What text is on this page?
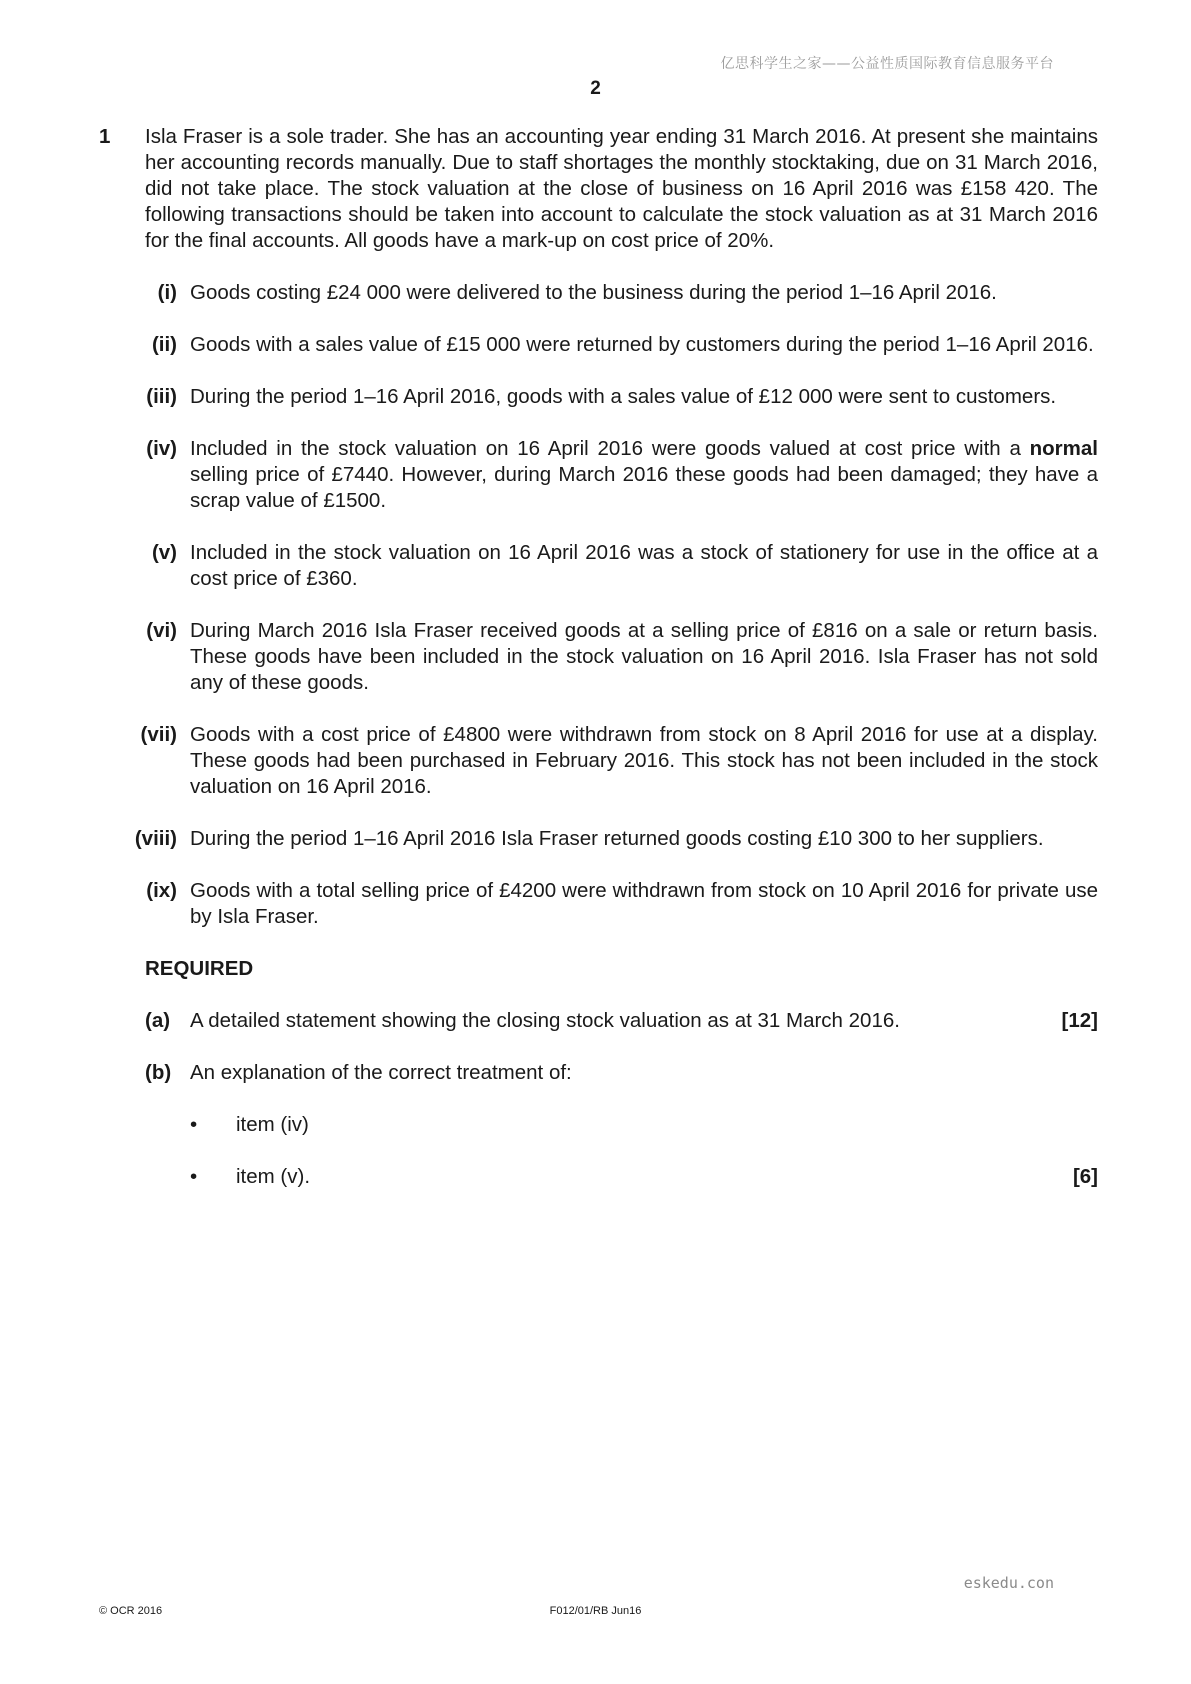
亿思科学生之家——公益性质国际教育信息服务平台
2
1 Isla Fraser is a sole trader. She has an accounting year ending 31 March 2016. At present she maintains her accounting records manually. Due to staff shortages the monthly stocktaking, due on 31 March 2016, did not take place. The stock valuation at the close of business on 16 April 2016 was £158 420. The following transactions should be taken into account to calculate the stock valuation as at 31 March 2016 for the final accounts. All goods have a mark-up on cost price of 20%.

(i) Goods costing £24 000 were delivered to the business during the period 1–16 April 2016.
(ii) Goods with a sales value of £15 000 were returned by customers during the period 1–16 April 2016.
(iii) During the period 1–16 April 2016, goods with a sales value of £12 000 were sent to customers.
(iv) Included in the stock valuation on 16 April 2016 were goods valued at cost price with a normal selling price of £7440. However, during March 2016 these goods had been damaged; they have a scrap value of £1500.
(v) Included in the stock valuation on 16 April 2016 was a stock of stationery for use in the office at a cost price of £360.
(vi) During March 2016 Isla Fraser received goods at a selling price of £816 on a sale or return basis. These goods have been included in the stock valuation on 16 April 2016. Isla Fraser has not sold any of these goods.
(vii) Goods with a cost price of £4800 were withdrawn from stock on 8 April 2016 for use at a display. These goods had been purchased in February 2016. This stock has not been included in the stock valuation on 16 April 2016.
(viii) During the period 1–16 April 2016 Isla Fraser returned goods costing £10 300 to her suppliers.
(ix) Goods with a total selling price of £4200 were withdrawn from stock on 10 April 2016 for private use by Isla Fraser.

REQUIRED

(a) A detailed statement showing the closing stock valuation as at 31 March 2016.	[12]
(b) An explanation of the correct treatment of:
• item (iv)
• item (v).	[6]
eskedu.con
© OCR 2016	F012/01/RB Jun16
